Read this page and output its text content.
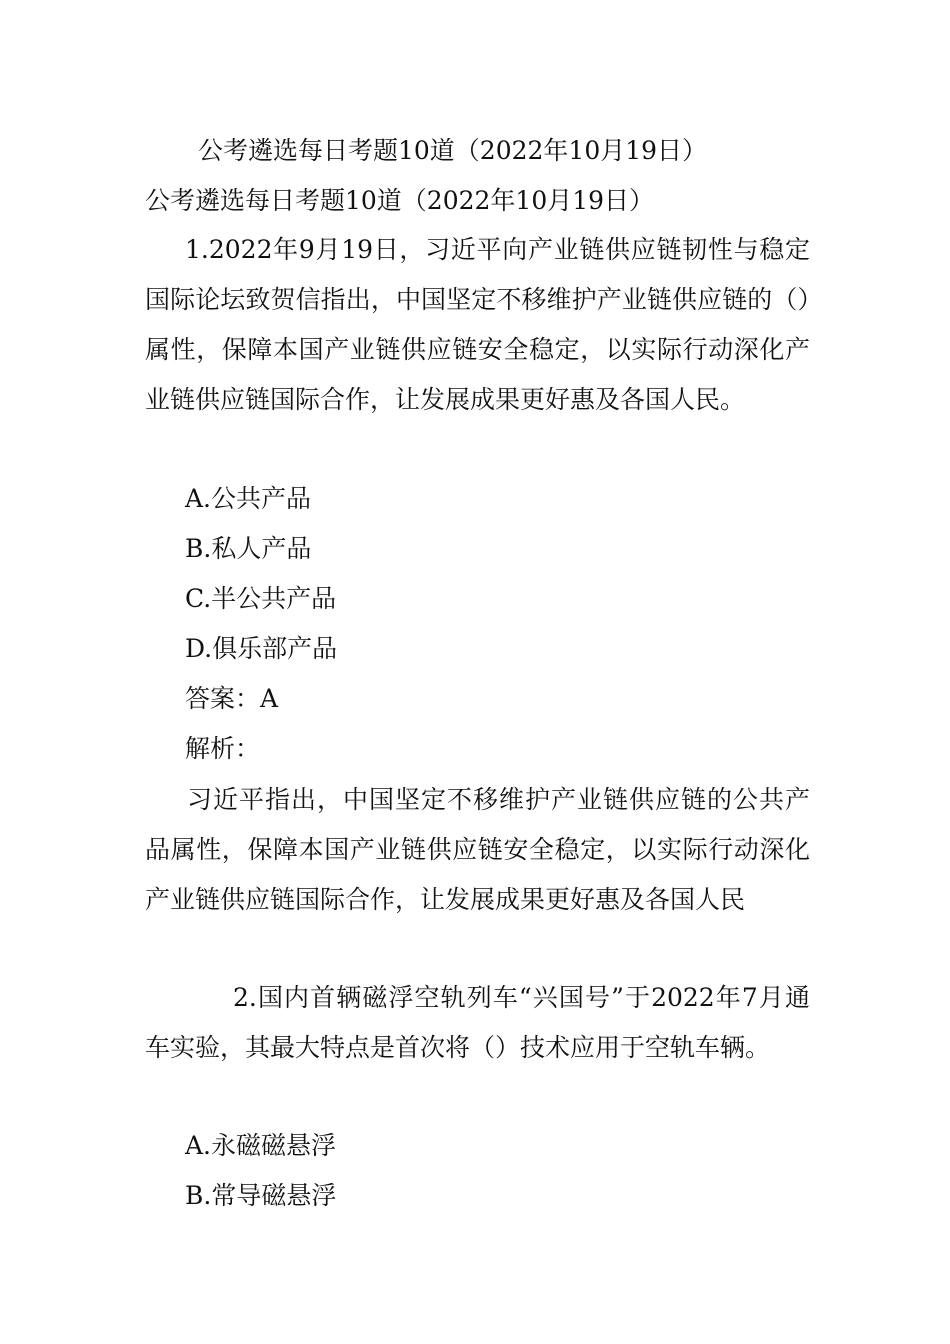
公考遴选每日考题10道（2022年10月19日）
公考遴选每日考题10道（2022年10月19日）
1.2022年9月19日，习近平向产业链供应链韧性与稳定国际论坛致贺信指出，中国坚定不移维护产业链供应链的（）属性，保障本国产业链供应链安全稳定，以实际行动深化产业链供应链国际合作，让发展成果更好惠及各国人民。
A.公共产品
B.私人产品
C.半公共产品
D.俱乐部产品
答案：A
解析：
习近平指出，中国坚定不移维护产业链供应链的公共产品属性，保障本国产业链供应链安全稳定，以实际行动深化产业链供应链国际合作，让发展成果更好惠及各国人民
2.国内首辆磁浮空轨列车“兴国号”于2022年7月通车实验，其最大特点是首次将（）技术应用于空轨车辆。
A.永磁磁悬浮
B.常导磁悬浮
